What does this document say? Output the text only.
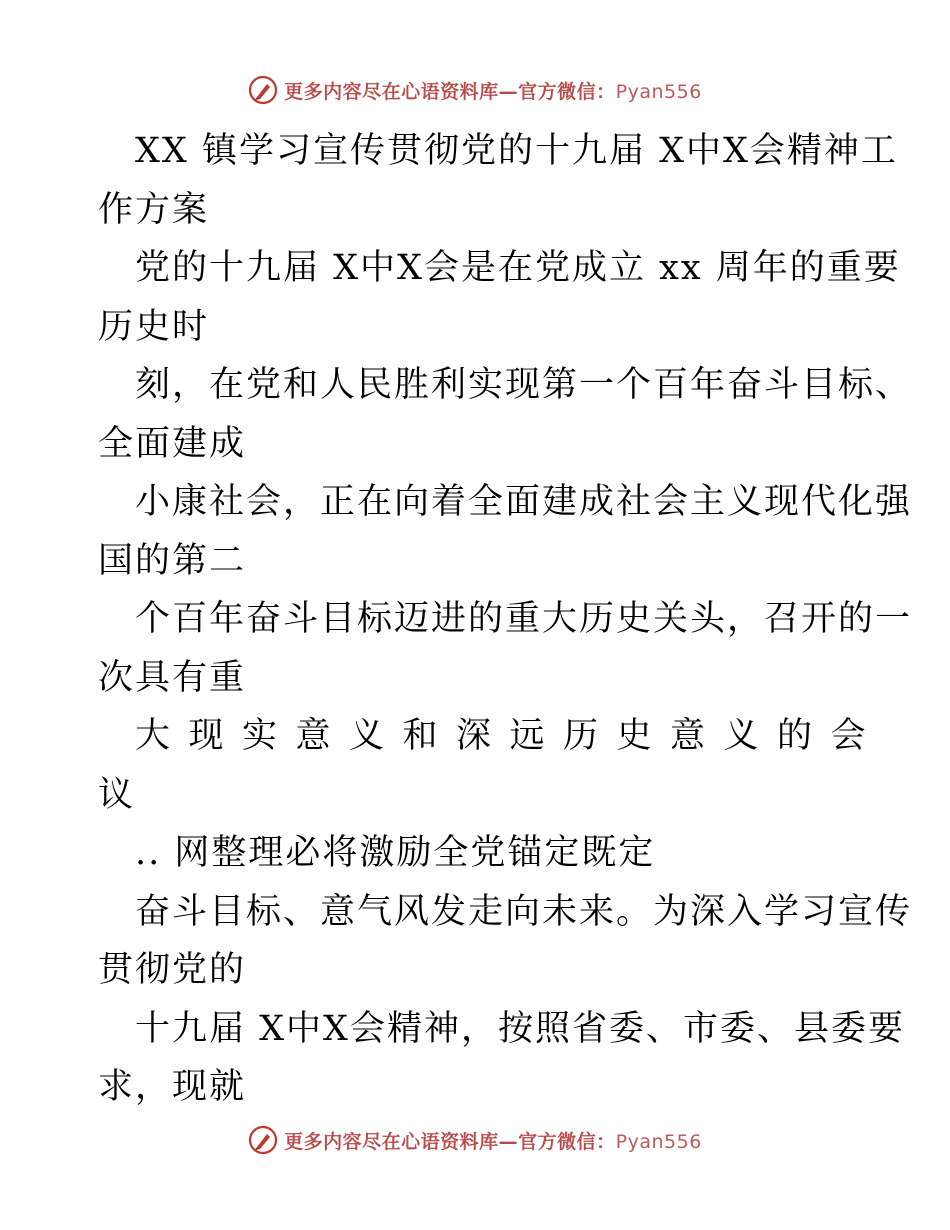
更多内容尽在心语资料库—官方微信：Pyan556
XX 镇学习宣传贯彻党的十九届 X中X会精神工
作方案
党的十九届 X中X会是在党成立 xx 周年的重要
历史时
刻，在党和人民胜利实现第一个百年奋斗目标、
全面建成
小康社会，正在向着全面建成社会主义现代化强
国的第二
个百年奋斗目标迈进的重大历史关头，召开的一
次具有重
大现实意义和深远历史意义的会
议
.. 网整理必将激励全党锚定既定
奋斗目标、意气风发走向未来。为深入学习宣传
贯彻党的
十九届 X中X会精神，按照省委、市委、县委要
求，现就
更多内容尽在心语资料库—官方微信：Pyan556
